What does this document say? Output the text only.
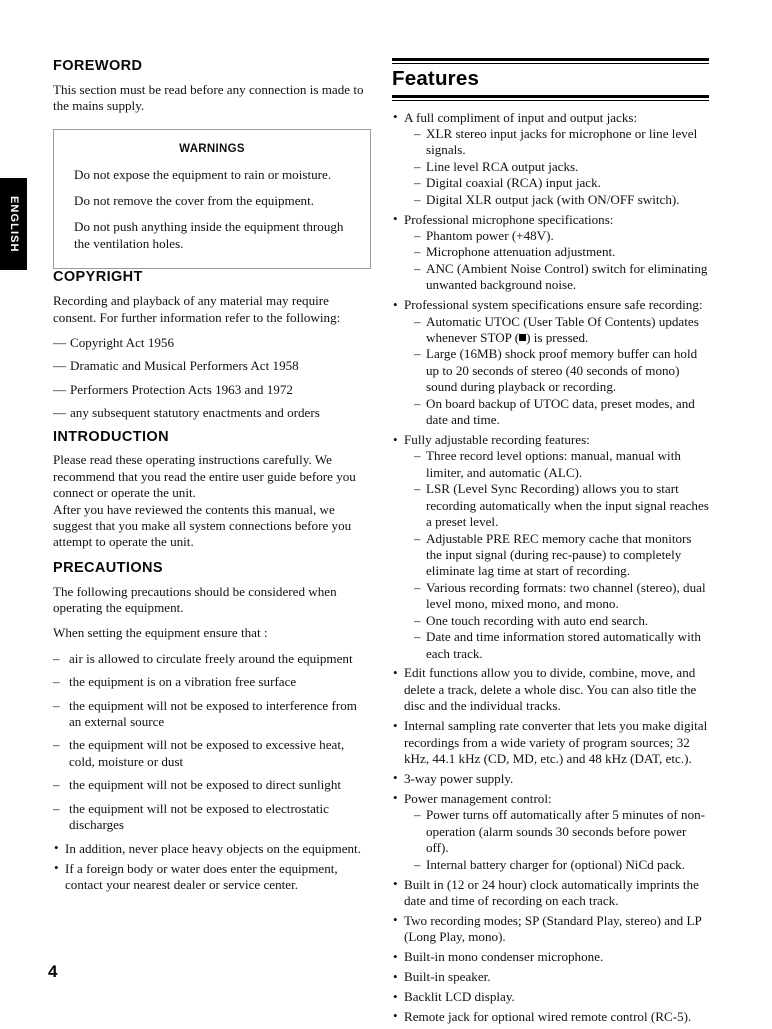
ENGLISH
FOREWORD

This section must be read before any connection is made to the mains supply.

WARNINGS

Do not expose the equipment to rain or moisture.

Do not remove the cover from the equipment.

Do not push anything inside the equipment through the ventilation holes.

COPYRIGHT

Recording and playback of any material may require consent. For further information refer to the following:

— Copyright Act 1956
— Dramatic and Musical Performers Act 1958
— Performers Protection Acts 1963 and 1972
— any subsequent statutory enactments and orders
INTRODUCTION

Please read these operating instructions carefully. We recommend that you read the entire user guide before you connect or operate the unit.

After you have reviewed the contents this manual, we suggest that you make all system connections before you attempt to operate the unit.

PRECAUTIONS

The following precautions should be considered when operating the equipment.

When setting the equipment ensure that :

– air is allowed to circulate freely around the equipment
– the equipment is on a vibration free surface
– the equipment will not be exposed to interference from an external source
– the equipment will not be exposed to excessive heat, cold, moisture or dust
– the equipment will not be exposed to direct sunlight
– the equipment will not be exposed to electrostatic discharges
• In addition, never place heavy objects on the equipment.
• If a foreign body or water does enter the equipment, contact your nearest dealer or service center.
Features
• A full compliment of input and output jacks:
– XLR stereo input jacks for microphone or line level signals.
– Line level RCA output jacks.
– Digital coaxial (RCA) input jack.
– Digital XLR output jack (with ON/OFF switch).
• Professional microphone specifications:
– Phantom power (+48V).
– Microphone attenuation adjustment.
– ANC (Ambient Noise Control) switch for eliminating unwanted background noise.
• Professional system specifications ensure safe recording:
– Automatic UTOC (User Table Of Contents) updates whenever STOP ( ) is pressed.
– Large (16MB) shock proof memory buffer can hold up to 20 seconds of stereo (40 seconds of mono) sound during playback or recording.
– On board backup of UTOC data, preset modes, and date and time.
• Fully adjustable recording features:
– Three record level options: manual, manual with limiter, and automatic (ALC).
– LSR (Level Sync Recording) allows you to start recording automatically when the input signal reaches a preset level.
– Adjustable PRE REC memory cache that monitors the input signal (during rec-pause) to completely eliminate lag time at start of recording.
– Various recording formats: two channel (stereo), dual level mono, mixed mono, and mono.
– One touch recording with auto end search.
– Date and time information stored automatically with each track.
• Edit functions allow you to divide, combine, move, and delete a track, delete a whole disc. You can also title the disc and the individual tracks.
• Internal sampling rate converter that lets you make digital recordings from a wide variety of program sources; 32 kHz, 44.1 kHz (CD, MD, etc.) and 48 kHz (DAT, etc.).
• 3-way power supply.
• Power management control:
– Power turns off automatically after 5 minutes of non-operation (alarm sounds 30 seconds before power off).
– Internal battery charger for (optional) NiCd pack.
• Built in (12 or 24 hour) clock automatically imprints the date and time of recording on each track.
• Two recording modes; SP (Standard Play, stereo) and LP (Long Play, mono).
• Built-in mono condenser microphone.
• Built-in speaker.
• Backlit LCD display.
• Remote jack for optional wired remote control (RC-5).
4
